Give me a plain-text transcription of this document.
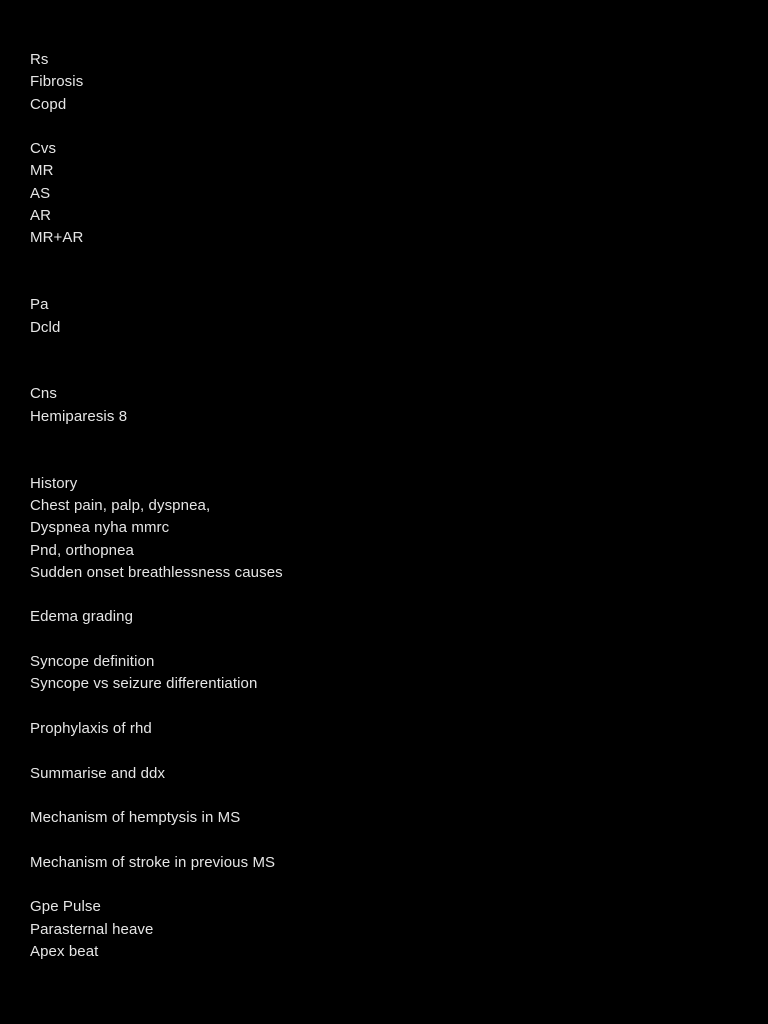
Rs
Fibrosis
Copd
Cvs
MR
AS
AR
MR+AR
Pa
Dcld
Cns
Hemiparesis 8
History
Chest pain, palp, dyspnea,
Dyspnea nyha mmrc
Pnd, orthopnea
Sudden onset breathlessness causes
Edema grading
Syncope definition
Syncope vs seizure differentiation
Prophylaxis of rhd
Summarise and ddx
Mechanism of hemptysis in MS
Mechanism of stroke in previous MS
Gpe Pulse
Parasternal heave
Apex beat
